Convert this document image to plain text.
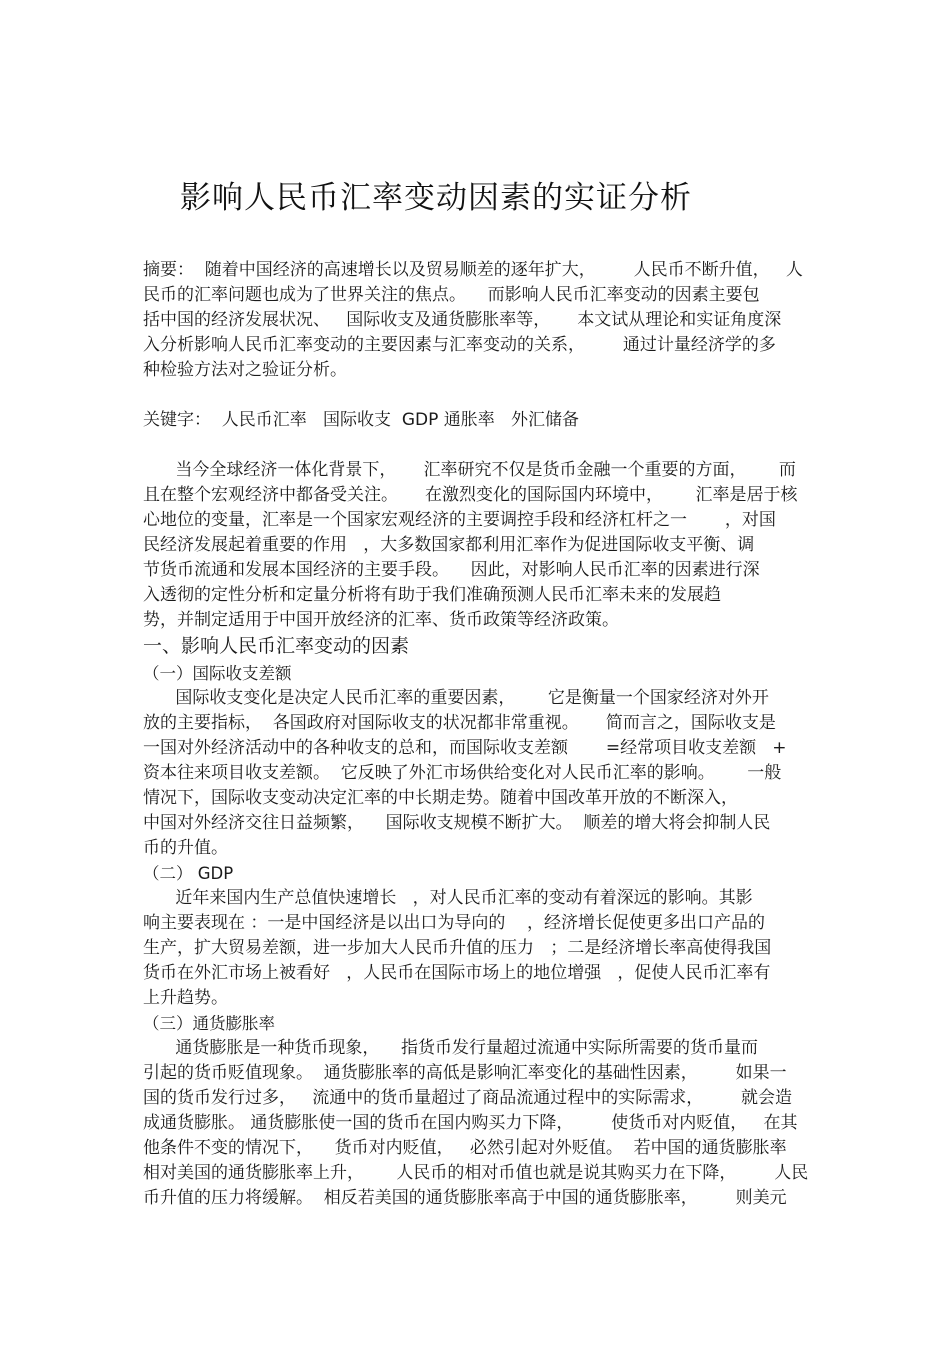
影响人民币汇率变动因素的实证分析
摘要：  随着中国经济的高速增长以及贸易顺差的逐年扩大，       人民币不断升值，   人
民币的汇率问题也成为了世界关注的焦点。    而影响人民币汇率变动的因素主要包
括中国的经济发展状况、   国际收支及通货膨胀率等，     本文试从理论和实证角度深
入分析影响人民币汇率变动的主要因素与汇率变动的关系，       通过计量经济学的多
种检验方法对之验证分析。
关键字：  人民币汇率   国际收支  GDP 通胀率   外汇储备
当今全球经济一体化背景下，     汇率研究不仅是货币金融一个重要的方面，      而
且在整个宏观经济中都备受关注。     在激烈变化的国际国内环境中，      汇率是居于核
心地位的变量，汇率是一个国家宏观经济的主要调控手段和经济杠杆之一       ，对国
民经济发展起着重要的作用   ，大多数国家都利用汇率作为促进国际收支平衡、调
节货币流通和发展本国经济的主要手段。    因此，对影响人民币汇率的因素进行深
入透彻的定性分析和定量分析将有助于我们准确预测人民币汇率未来的发展趋
势，并制定适用于中国开放经济的汇率、货币政策等经济政策。
一、影响人民币汇率变动的因素
（一）国际收支差额
国际收支变化是决定人民币汇率的重要因素，      它是衡量一个国家经济对外开
放的主要指标，  各国政府对国际收支的状况都非常重视。     简而言之，国际收支是
一国对外经济活动中的各种收支的总和，而国际收支差额       =经常项目收支差额   +
资本往来项目收支差额。  它反映了外汇市场供给变化对人民币汇率的影响。      一般
情况下，国际收支变动决定汇率的中长期走势。随着中国改革开放的不断深入，
中国对外经济交往日益频繁，    国际收支规模不断扩大。  顺差的增大将会抑制人民
币的升值。
（二） GDP
近年来国内生产总值快速增长   ，对人民币汇率的变动有着深远的影响。其影
响主要表现在 ：一是中国经济是以出口为导向的    ，经济增长促使更多出口产品的
生产，扩大贸易差额，进一步加大人民币升值的压力   ；二是经济增长率高使得我国
货币在外汇市场上被看好   ，人民币在国际市场上的地位增强   ，促使人民币汇率有
上升趋势。
（三）通货膨胀率
通货膨胀是一种货币现象，    指货币发行量超过流通中实际所需要的货币量而
引起的货币贬值现象。  通货膨胀率的高低是影响汇率变化的基础性因素，       如果一
国的货币发行过多，   流通中的货币量超过了商品流通过程中的实际需求，       就会造
成通货膨胀。 通货膨胀使一国的货币在国内购买力下降，       使货币对内贬值，   在其
他条件不变的情况下，    货币对内贬值，   必然引起对外贬值。  若中国的通货膨胀率
相对美国的通货膨胀率上升，      人民币的相对币值也就是说其购买力在下降，       人民
币升值的压力将缓解。  相反若美国的通货膨胀率高于中国的通货膨胀率，       则美元
